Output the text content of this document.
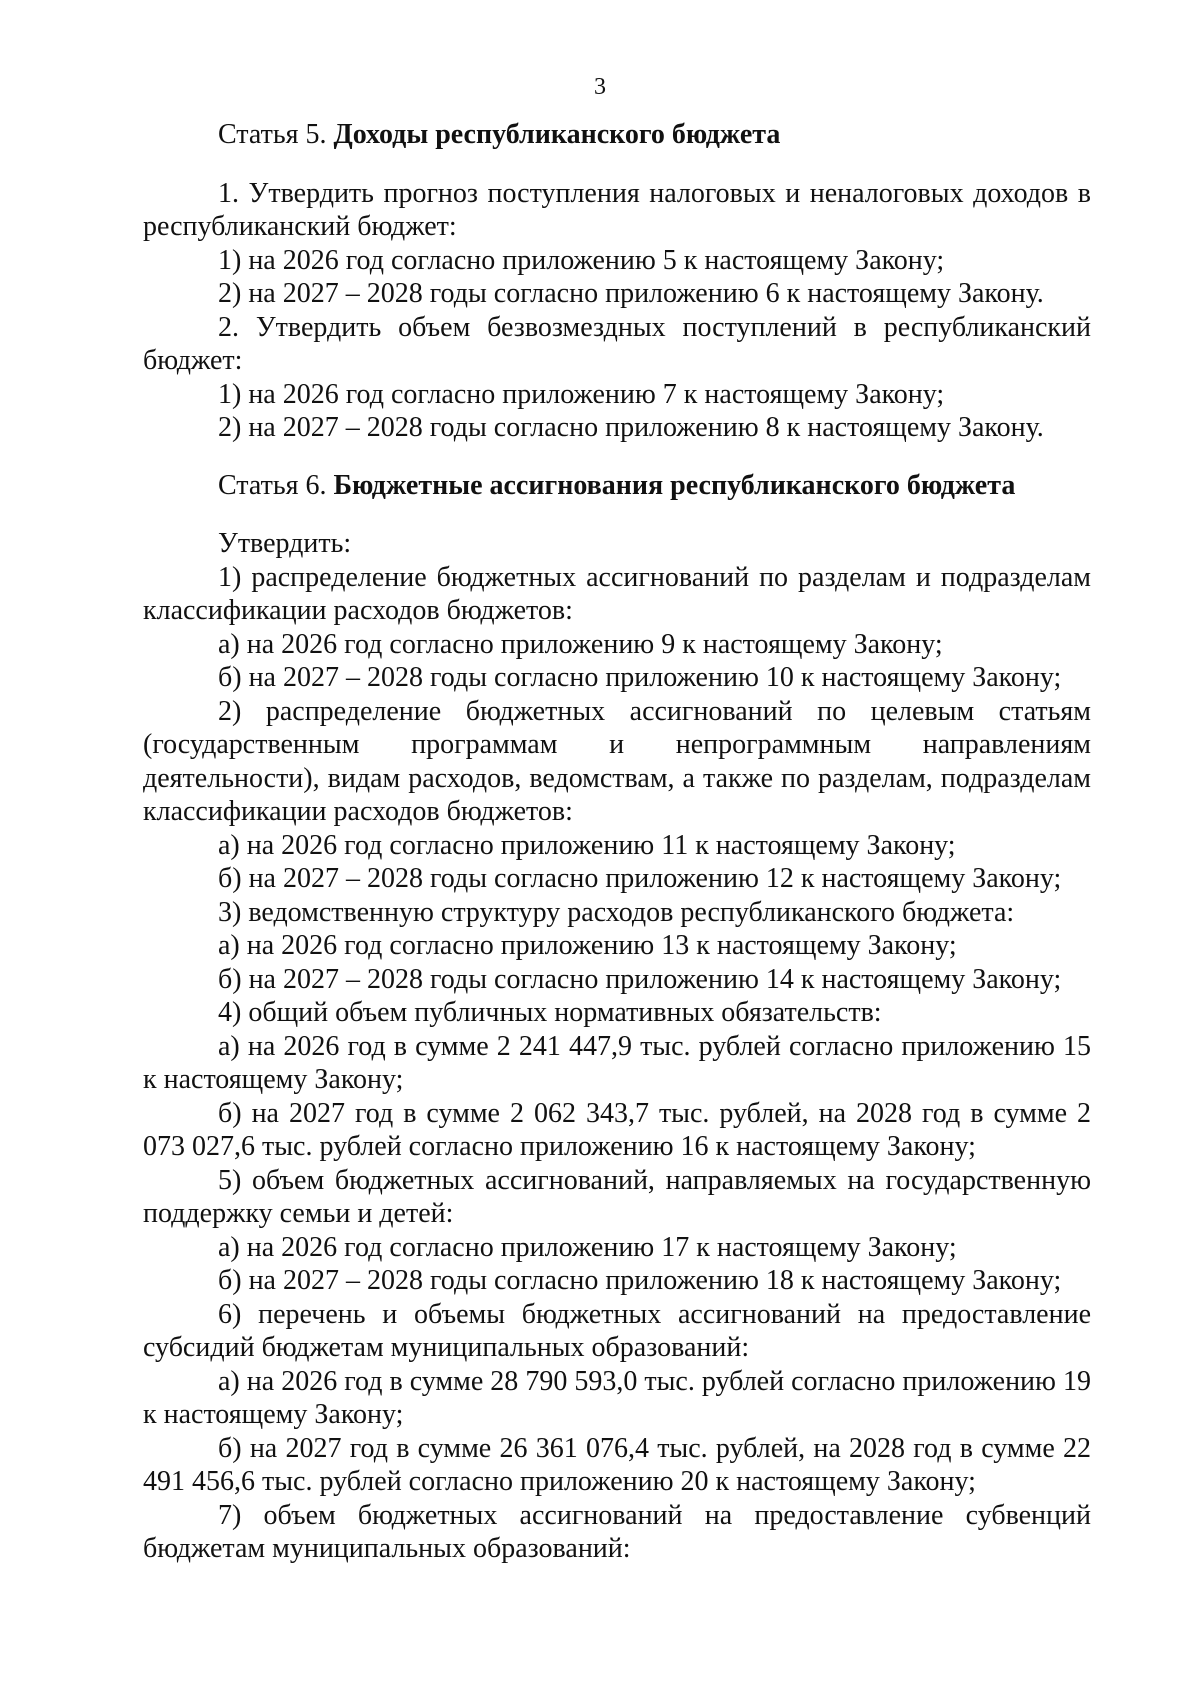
3

Статья 5. Доходы республиканского бюджета

1. Утвердить прогноз поступления налоговых и неналоговых доходов в республиканский бюджет:

1) на 2026 год согласно приложению 5 к настоящему Закону;

2) на 2027 – 2028 годы согласно приложению 6 к настоящему Закону.

2. Утвердить объем безвозмездных поступлений в республиканский бюджет:

1) на 2026 год согласно приложению 7 к настоящему Закону;

2) на 2027 – 2028 годы согласно приложению 8 к настоящему Закону.

Статья 6. Бюджетные ассигнования республиканского бюджета

Утвердить:

1) распределение бюджетных ассигнований по разделам и подразделам классификации расходов бюджетов:

а) на 2026 год согласно приложению 9 к настоящему Закону;

б) на 2027 – 2028 годы согласно приложению 10 к настоящему Закону;

2) распределение бюджетных ассигнований по целевым статьям (государственным программам и непрограммным направлениям деятельности), видам расходов, ведомствам, а также по разделам, подразделам классификации расходов бюджетов:

а) на 2026 год согласно приложению 11 к настоящему Закону;

б) на 2027 – 2028 годы согласно приложению 12 к настоящему Закону;

3) ведомственную структуру расходов республиканского бюджета:

а) на 2026 год согласно приложению 13 к настоящему Закону;

б) на 2027 – 2028 годы согласно приложению 14 к настоящему Закону;

4) общий объем публичных нормативных обязательств:

а) на 2026 год в сумме 2 241 447,9 тыс. рублей согласно приложению 15 к настоящему Закону;

б) на 2027 год в сумме 2 062 343,7 тыс. рублей, на 2028 год в сумме 2 073 027,6 тыс. рублей согласно приложению 16 к настоящему Закону;

5) объем бюджетных ассигнований, направляемых на государственную поддержку семьи и детей:

а) на 2026 год согласно приложению 17 к настоящему Закону;

б) на 2027 – 2028 годы согласно приложению 18 к настоящему Закону;

6) перечень и объемы бюджетных ассигнований на предоставление субсидий бюджетам муниципальных образований:

а) на 2026 год в сумме 28 790 593,0 тыс. рублей согласно приложению 19 к настоящему Закону;

б) на 2027 год в сумме 26 361 076,4 тыс. рублей, на 2028 год в сумме 22 491 456,6 тыс. рублей согласно приложению 20 к настоящему Закону;

7) объем бюджетных ассигнований на предоставление субвенций бюджетам муниципальных образований:
